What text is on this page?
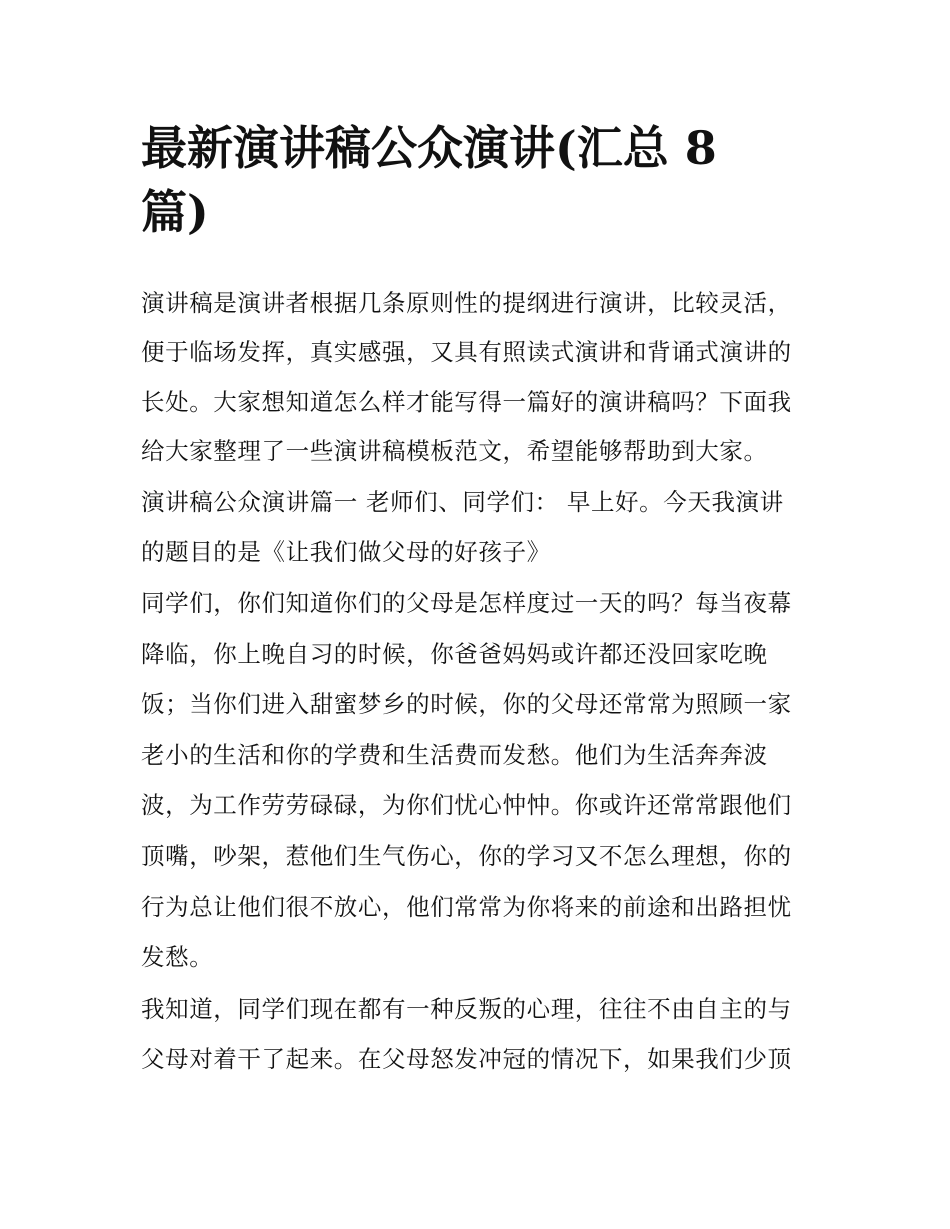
最新演讲稿公众演讲(汇总 8 篇)

演讲稿是演讲者根据几条原则性的提纲进行演讲，比较灵活，

便于临场发挥，真实感强，又具有照读式演讲和背诵式演讲的

长处。大家想知道怎么样才能写得一篇好的演讲稿吗？下面我

给大家整理了一些演讲稿模板范文，希望能够帮助到大家。

演讲稿公众演讲篇一 老师们、同学们： 早上好。今天我演讲

的题目的是《让我们做父母的好孩子》

同学们，你们知道你们的父母是怎样度过一天的吗？每当夜幕

降临，你上晚自习的时候，你爸爸妈妈或许都还没回家吃晚

饭；当你们进入甜蜜梦乡的时候，你的父母还常常为照顾一家

老小的生活和你的学费和生活费而发愁。他们为生活奔奔波

波，为工作劳劳碌碌，为你们忧心忡忡。你或许还常常跟他们

顶嘴，吵架，惹他们生气伤心，你的学习又不怎么理想，你的

行为总让他们很不放心，他们常常为你将来的前途和出路担忧

发愁。

我知道，同学们现在都有一种反叛的心理，往往不由自主的与

父母对着干了起来。在父母怒发冲冠的情况下，如果我们少顶
